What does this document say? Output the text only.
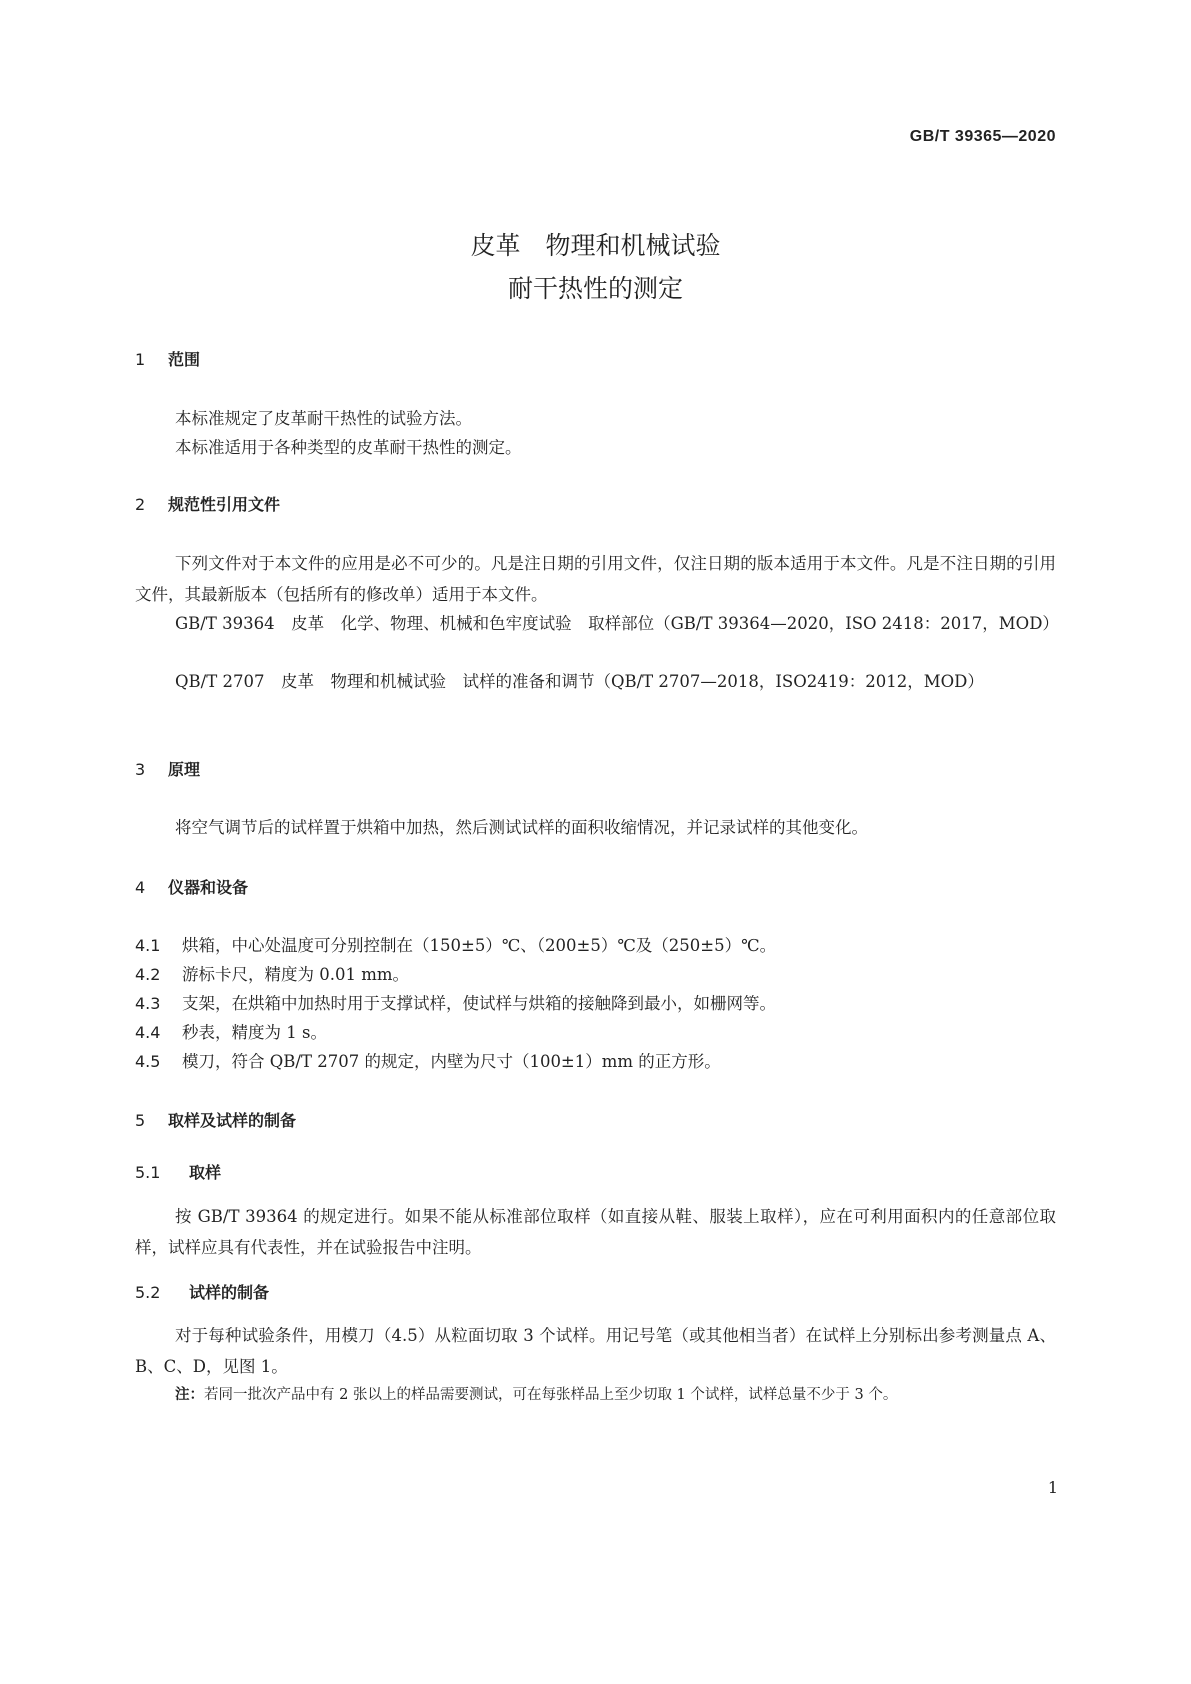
GB/T 39365—2020
皮革　物理和机械试验
耐干热性的测定
1 范围
本标准规定了皮革耐干热性的试验方法。
本标准适用于各种类型的皮革耐干热性的测定。
2 规范性引用文件
下列文件对于本文件的应用是必不可少的。凡是注日期的引用文件，仅注日期的版本适用于本文件。凡是不注日期的引用文件，其最新版本（包括所有的修改单）适用于本文件。
GB/T 39364　皮革　化学、物理、机械和色牢度试验　取样部位（GB/T 39364—2020，ISO 2418：2017，MOD）
QB/T 2707　皮革　物理和机械试验　试样的准备和调节（QB/T 2707—2018，ISO2419：2012，MOD）
3 原理
将空气调节后的试样置于烘箱中加热，然后测试试样的面积收缩情况，并记录试样的其他变化。
4 仪器和设备
4.1 烘箱，中心处温度可分别控制在（150±5）℃、（200±5）℃及（250±5）℃。
4.2 游标卡尺，精度为 0.01 mm。
4.3 支架，在烘箱中加热时用于支撑试样，使试样与烘箱的接触降到最小，如栅网等。
4.4 秒表，精度为 1 s。
4.5 模刀，符合 QB/T 2707 的规定，内壁为尺寸（100±1）mm 的正方形。
5 取样及试样的制备
5.1 取样
按 GB/T 39364 的规定进行。如果不能从标准部位取样（如直接从鞋、服装上取样），应在可利用面积内的任意部位取样，试样应具有代表性，并在试验报告中注明。
5.2 试样的制备
对于每种试验条件，用模刀（4.5）从粒面切取 3 个试样。用记号笔（或其他相当者）在试样上分别标出参考测量点 A、B、C、D，见图 1。
注：若同一批次产品中有 2 张以上的样品需要测试，可在每张样品上至少切取 1 个试样，试样总量不少于 3 个。
1
